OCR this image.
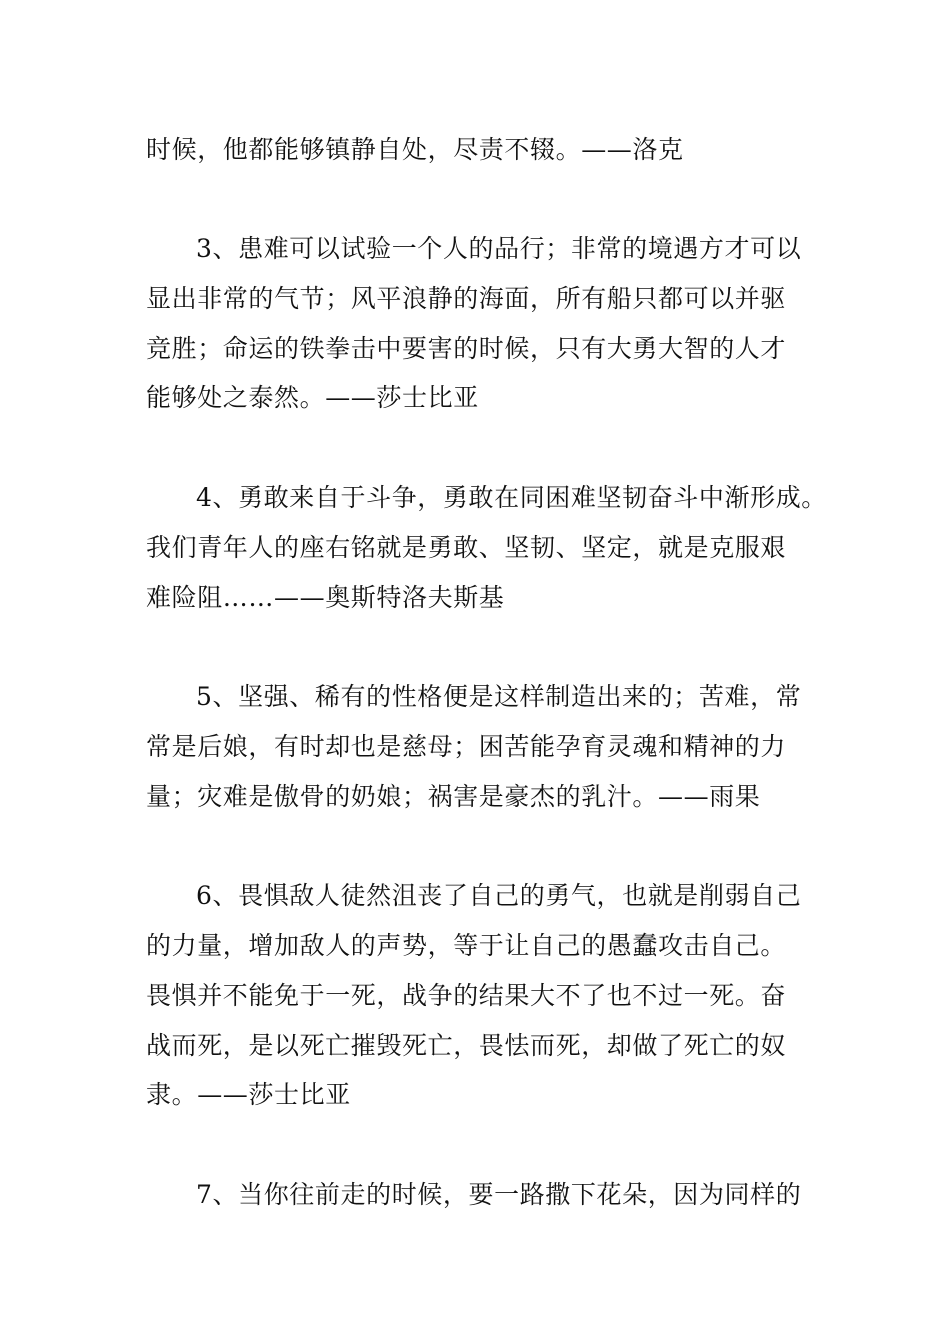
时候，他都能够镇静自处，尽责不辍。——洛克
3、患难可以试验一个人的品行；非常的境遇方才可以
显出非常的气节；风平浪静的海面，所有船只都可以并驱
竞胜；命运的铁拳击中要害的时候，只有大勇大智的人才
能够处之泰然。——莎士比亚
4、勇敢来自于斗争，勇敢在同困难坚韧奋斗中渐形成。
我们青年人的座右铭就是勇敢、坚韧、坚定，就是克服艰
难险阻……——奥斯特洛夫斯基
5、坚强、稀有的性格便是这样制造出来的；苦难，常
常是后娘，有时却也是慈母；困苦能孕育灵魂和精神的力
量；灾难是傲骨的奶娘；祸害是豪杰的乳汁。——雨果
6、畏惧敌人徒然沮丧了自己的勇气，也就是削弱自己
的力量，增加敌人的声势，等于让自己的愚蠢攻击自己。
畏惧并不能免于一死，战争的结果大不了也不过一死。奋
战而死，是以死亡摧毁死亡，畏怯而死，却做了死亡的奴
隶。——莎士比亚
7、当你往前走的时候，要一路撒下花朵，因为同样的
